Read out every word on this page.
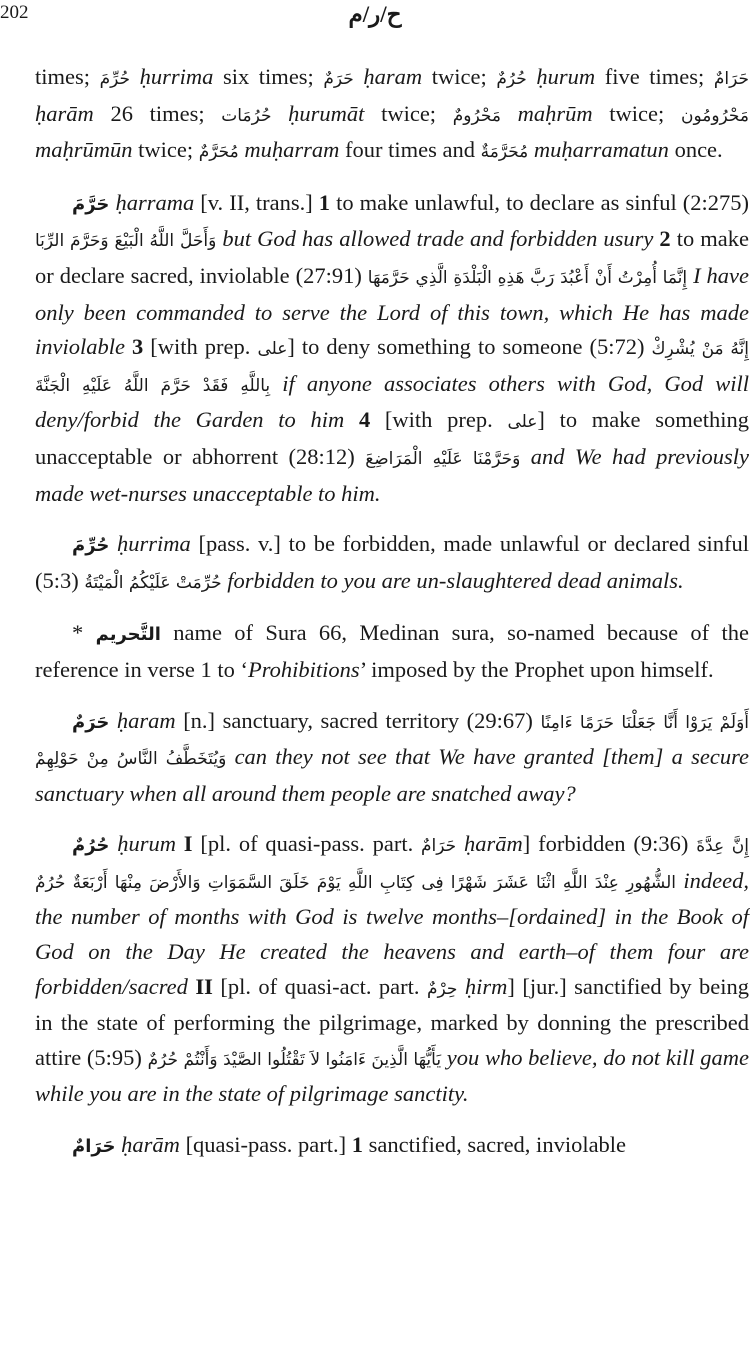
202	ح/ر/م

times; حُرِّمَ ḥurrima six times; حَرَمٌ ḥaram twice; حُرُمٌ ḥurum five times; حَرَامٌ ḥarām 26 times; حُرُمَات ḥurumāt twice; مَحْرُومٌ maḥrūm twice; مَحْرُومُون maḥrūmūn twice; مُحَرَّمٌ muḥarram four times and مُحَرَّمَةٌ muḥarramatun once.

حَرَّمَ ḥarrama [v. II, trans.] 1 to make unlawful, to declare as sinful (2:275) وَأَحَلَّ اللَّهُ الْبَيْعَ وَحَرَّمَ الرِّبَا but God has allowed trade and forbidden usury 2 to make or declare sacred, inviolable (27:91) إِنَّمَا أُمِرْتُ أَنْ أَعْبُدَ رَبَّ هَذِهِ الْبَلْدَةِ الَّذِي حَرَّمَهَا I have only been commanded to serve the Lord of this town, which He has made inviolable 3 [with prep. على] to deny something to someone (5:72) إِنَّهُ مَنْ يُشْرِكْ بِاللَّهِ فَقَدْ حَرَّمَ اللَّهُ عَلَيْهِ الْجَنَّةَ if anyone associates others with God, God will deny/forbid the Garden to him 4 [with prep. على] to make something unacceptable or abhorrent (28:12) وَحَرَّمْنَا عَلَيْهِ الْمَرَاضِعَ and We had previously made wet-nurses unacceptable to him.

حُرِّمَ ḥurrima [pass. v.] to be forbidden, made unlawful or declared sinful (5:3) حُرِّمَتْ عَلَيْكُمُ الْمَيْتَةُ forbidden to you are un-slaughtered dead animals.

* التَّحريم name of Sura 66, Medinan sura, so-named because of the reference in verse 1 to ‘Prohibitions’ imposed by the Prophet upon himself.

حَرَمٌ ḥaram [n.] sanctuary, sacred territory (29:67) أَوَلَمْ يَرَوْا أَنَّا جَعَلْنَا حَرَمًا ءَامِنًا وَيُتَخَطَّفُ النَّاسُ مِنْ حَوْلِهِمْ can they not see that We have granted [them] a secure sanctuary when all around them people are snatched away?

حُرُمٌ ḥurum I [pl. of quasi-pass. part. حَرَامٌ ḥarām] forbidden (9:36) إِنَّ عِدَّةَ الشُّهُورِ عِنْدَ اللَّهِ اثْنَا عَشَرَ شَهْرًا فِى كِتَابِ اللَّهِ يَوْمَ خَلَقَ السَّمَوَاتِ وَالأَرْضَ مِنْهَا أَرْبَعَةٌ حُرُمٌ indeed, the number of months with God is twelve months–[ordained] in the Book of God on the Day He created the heavens and earth–of them four are forbidden/sacred II [pl. of quasi-act. part. حِرْمٌ ḥirm] [jur.] sanctified by being in the state of performing the pilgrimage, marked by donning the prescribed attire (5:95) يَأَيُّهَا الَّذِينَ ءَامَنُوا لاَ تَقْتُلُوا الصَّيْدَ وَأَنْتُمْ حُرُمٌ you who believe, do not kill game while you are in the state of pilgrimage sanctity.

حَرَامٌ ḥarām [quasi-pass. part.] 1 sanctified, sacred, inviolable
